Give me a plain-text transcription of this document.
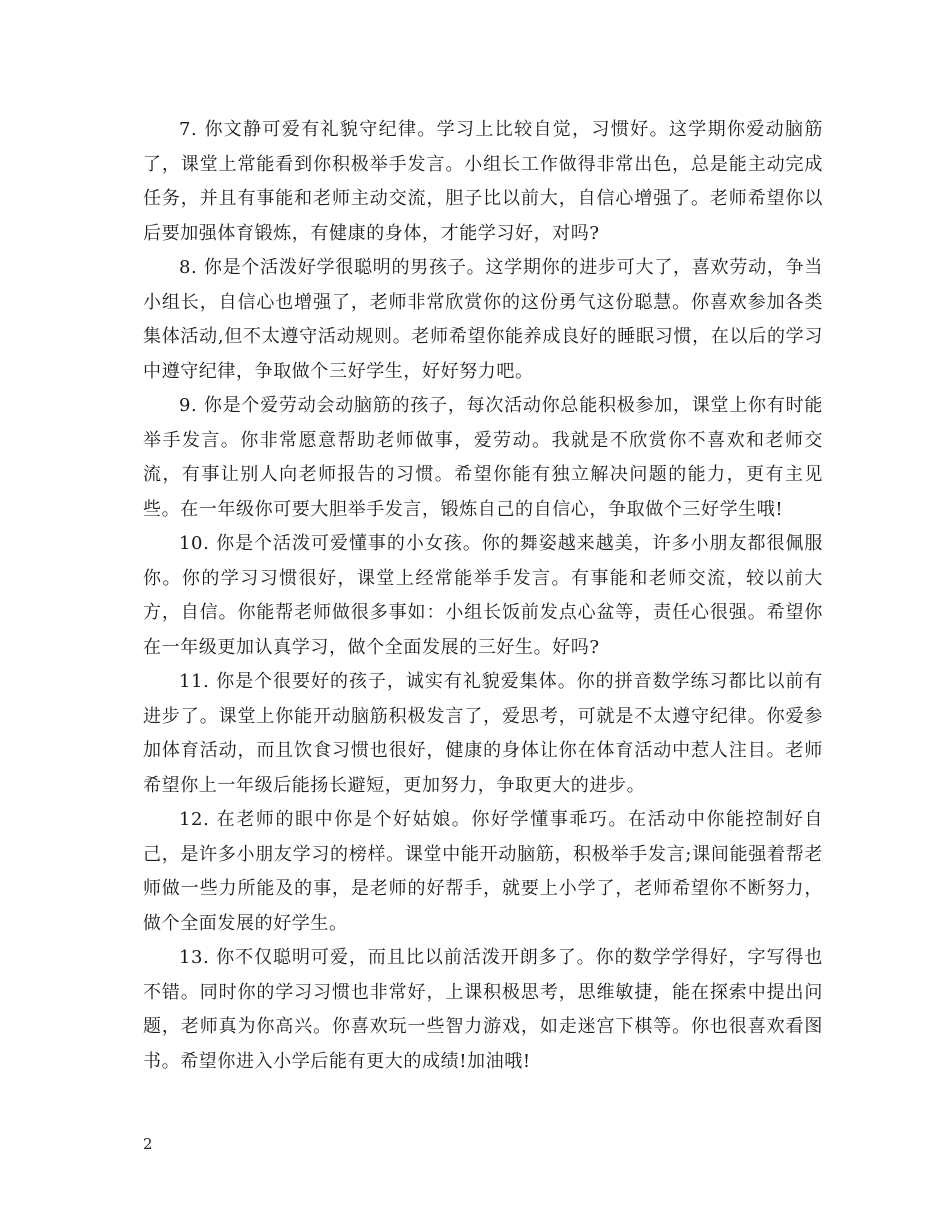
7. 你文静可爱有礼貌守纪律。学习上比较自觉，习惯好。这学期你爱动脑筋了，课堂上常能看到你积极举手发言。小组长工作做得非常出色，总是能主动完成任务，并且有事能和老师主动交流，胆子比以前大，自信心增强了。老师希望你以后要加强体育锻炼，有健康的身体，才能学习好，对吗?

8. 你是个活泼好学很聪明的男孩子。这学期你的进步可大了，喜欢劳动，争当小组长，自信心也增强了，老师非常欣赏你的这份勇气这份聪慧。你喜欢参加各类集体活动,但不太遵守活动规则。老师希望你能养成良好的睡眠习惯，在以后的学习中遵守纪律，争取做个三好学生，好好努力吧。

9. 你是个爱劳动会动脑筋的孩子，每次活动你总能积极参加，课堂上你有时能举手发言。你非常愿意帮助老师做事，爱劳动。我就是不欣赏你不喜欢和老师交流，有事让别人向老师报告的习惯。希望你能有独立解决问题的能力，更有主见些。在一年级你可要大胆举手发言，锻炼自己的自信心，争取做个三好学生哦!

10. 你是个活泼可爱懂事的小女孩。你的舞姿越来越美，许多小朋友都很佩服你。你的学习习惯很好，课堂上经常能举手发言。有事能和老师交流，较以前大方，自信。你能帮老师做很多事如：小组长饭前发点心盆等，责任心很强。希望你在一年级更加认真学习，做个全面发展的三好生。好吗?

11. 你是个很要好的孩子，诚实有礼貌爱集体。你的拼音数学练习都比以前有进步了。课堂上你能开动脑筋积极发言了，爱思考，可就是不太遵守纪律。你爱参加体育活动，而且饮食习惯也很好，健康的身体让你在体育活动中惹人注目。老师希望你上一年级后能扬长避短，更加努力，争取更大的进步。

12. 在老师的眼中你是个好姑娘。你好学懂事乖巧。在活动中你能控制好自己，是许多小朋友学习的榜样。课堂中能开动脑筋，积极举手发言;课间能强着帮老师做一些力所能及的事，是老师的好帮手，就要上小学了，老师希望你不断努力，做个全面发展的好学生。

13. 你不仅聪明可爱，而且比以前活泼开朗多了。你的数学学得好，字写得也不错。同时你的学习习惯也非常好，上课积极思考，思维敏捷，能在探索中提出问题，老师真为你高兴。你喜欢玩一些智力游戏，如走迷宫下棋等。你也很喜欢看图书。希望你进入小学后能有更大的成绩!加油哦!

2
